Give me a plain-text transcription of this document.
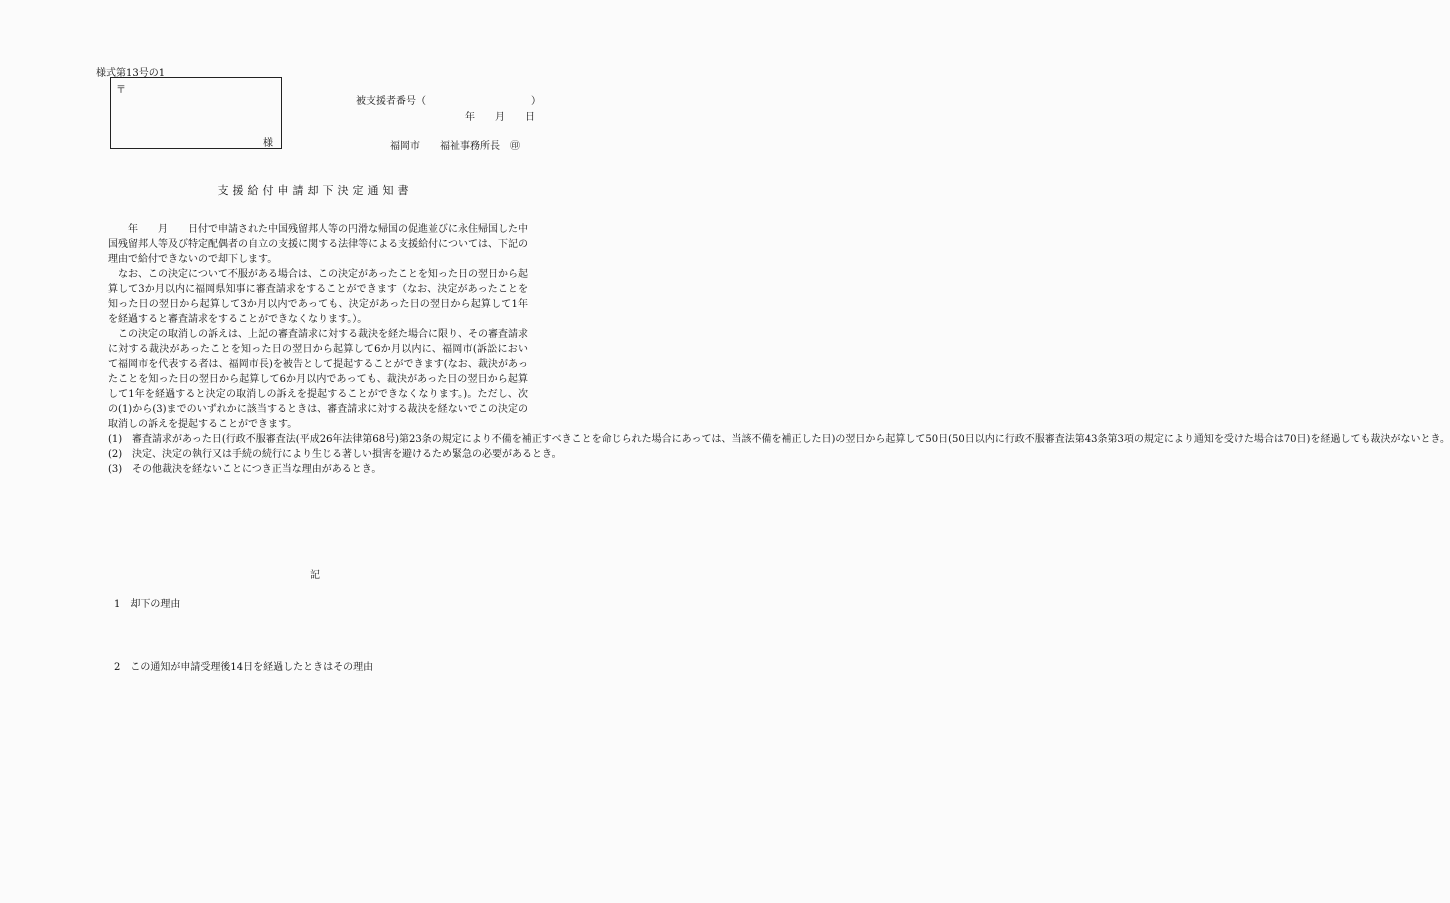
様式第13号の1
〒
様
被支援者番号（	）
年　　月　　日
福岡市　　福祉事務所長　㊞
支援給付申請却下決定通知書

　　年　　月　　日付で申請された中国残留邦人等の円滑な帰国の促進並びに永住帰国した中国残留邦人等及び特定配偶者の自立の支援に関する法律等による支援給付については、下記の理由で給付できないので却下します。

なお、この決定について不服がある場合は、この決定があったことを知った日の翌日から起算して3か月以内に福岡県知事に審査請求をすることができます（なお、決定があったことを知った日の翌日から起算して3か月以内であっても、決定があった日の翌日から起算して1年を経過すると審査請求をすることができなくなります。）。

この決定の取消しの訴えは、上記の審査請求に対する裁決を経た場合に限り、その審査請求に対する裁決があったことを知った日の翌日から起算して6か月以内に、福岡市(訴訟において福岡市を代表する者は、福岡市長)を被告として提起することができます(なお、裁決があったことを知った日の翌日から起算して6か月以内であっても、裁決があった日の翌日から起算して1年を経過すると決定の取消しの訴えを提起することができなくなります。)。ただし、次の(1)から(3)までのいずれかに該当するときは、審査請求に対する裁決を経ないでこの決定の取消しの訴えを提起することができます。

(1) 審査請求があった日(行政不服審査法(平成26年法律第68号)第23条の規定により不備を補正すべきことを命じられた場合にあっては、当該不備を補正した日)の翌日から起算して50日(50日以内に行政不服審査法第43条第3項の規定により通知を受けた場合は70日)を経過しても裁決がないとき。
(2) 決定、決定の執行又は手続の続行により生じる著しい損害を避けるため緊急の必要があるとき。
(3) その他裁決を経ないことにつき正当な理由があるとき。
記
1　却下の理由
2　この通知が申請受理後14日を経過したときはその理由
